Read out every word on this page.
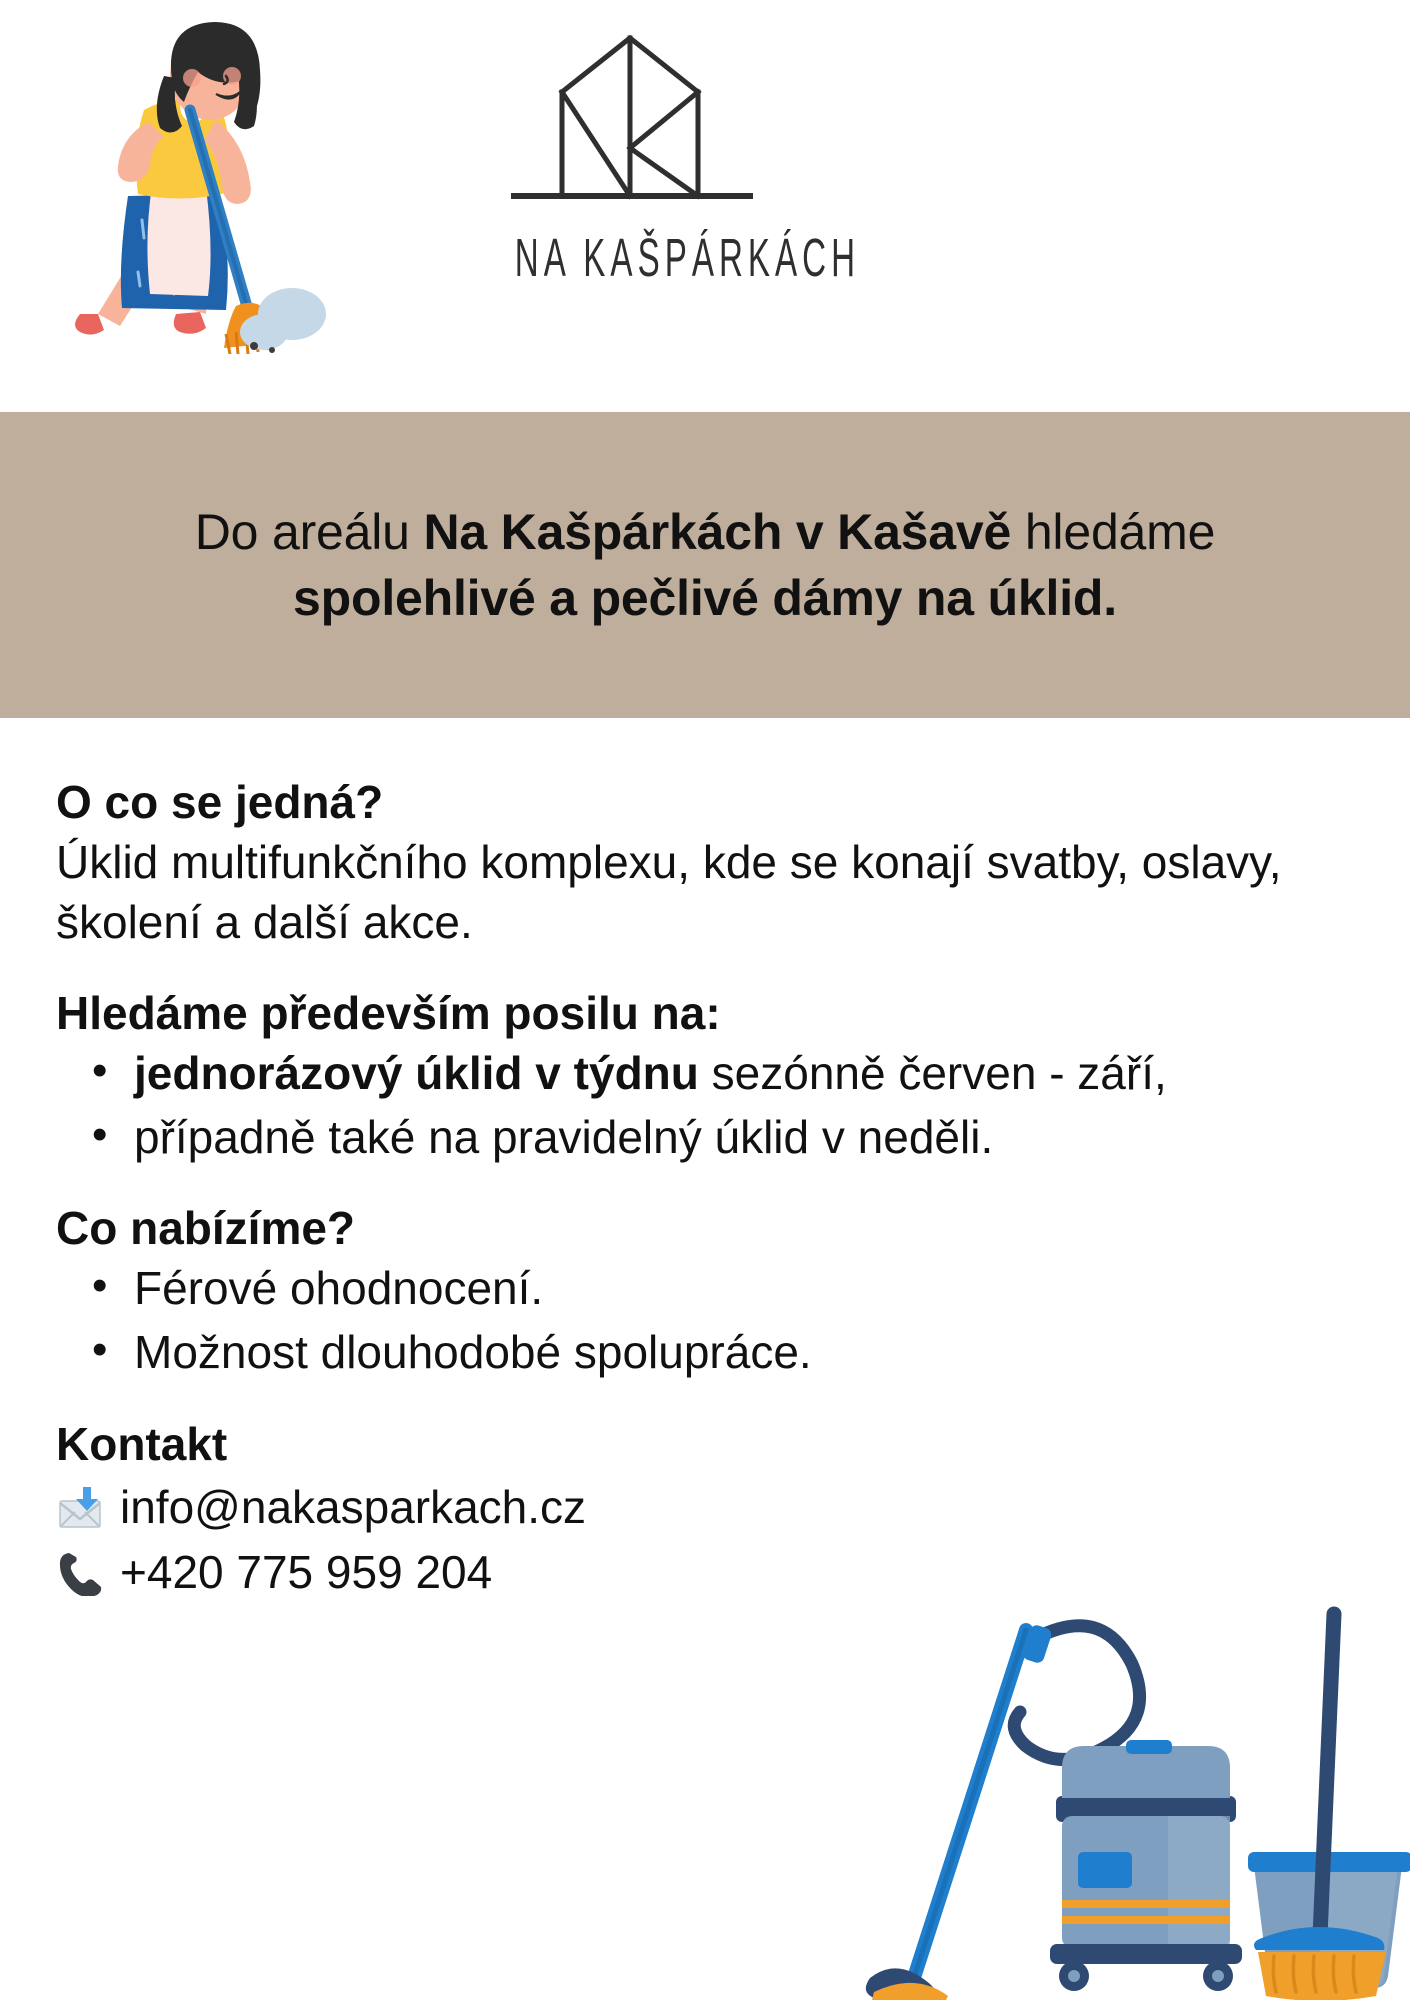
NA KAŠPÁRKÁCH
Do areálu Na Kašpárkách v Kašavě hledáme
spolehlivé a pečlivé dámy na úklid.
O co se jedná?

Úklid multifunkčního komplexu, kde se konají svatby, oslavy, školení a další akce.

Hledáme především posilu na:
• jednorázový úklid v týdnu sezónně červen - září,
• případně také na pravidelný úklid v neděli.
Co nabízíme?
• Férové ohodnocení.
• Možnost dlouhodobé spolupráce.
Kontakt
info@nakasparkach.cz
+420 775 959 204
